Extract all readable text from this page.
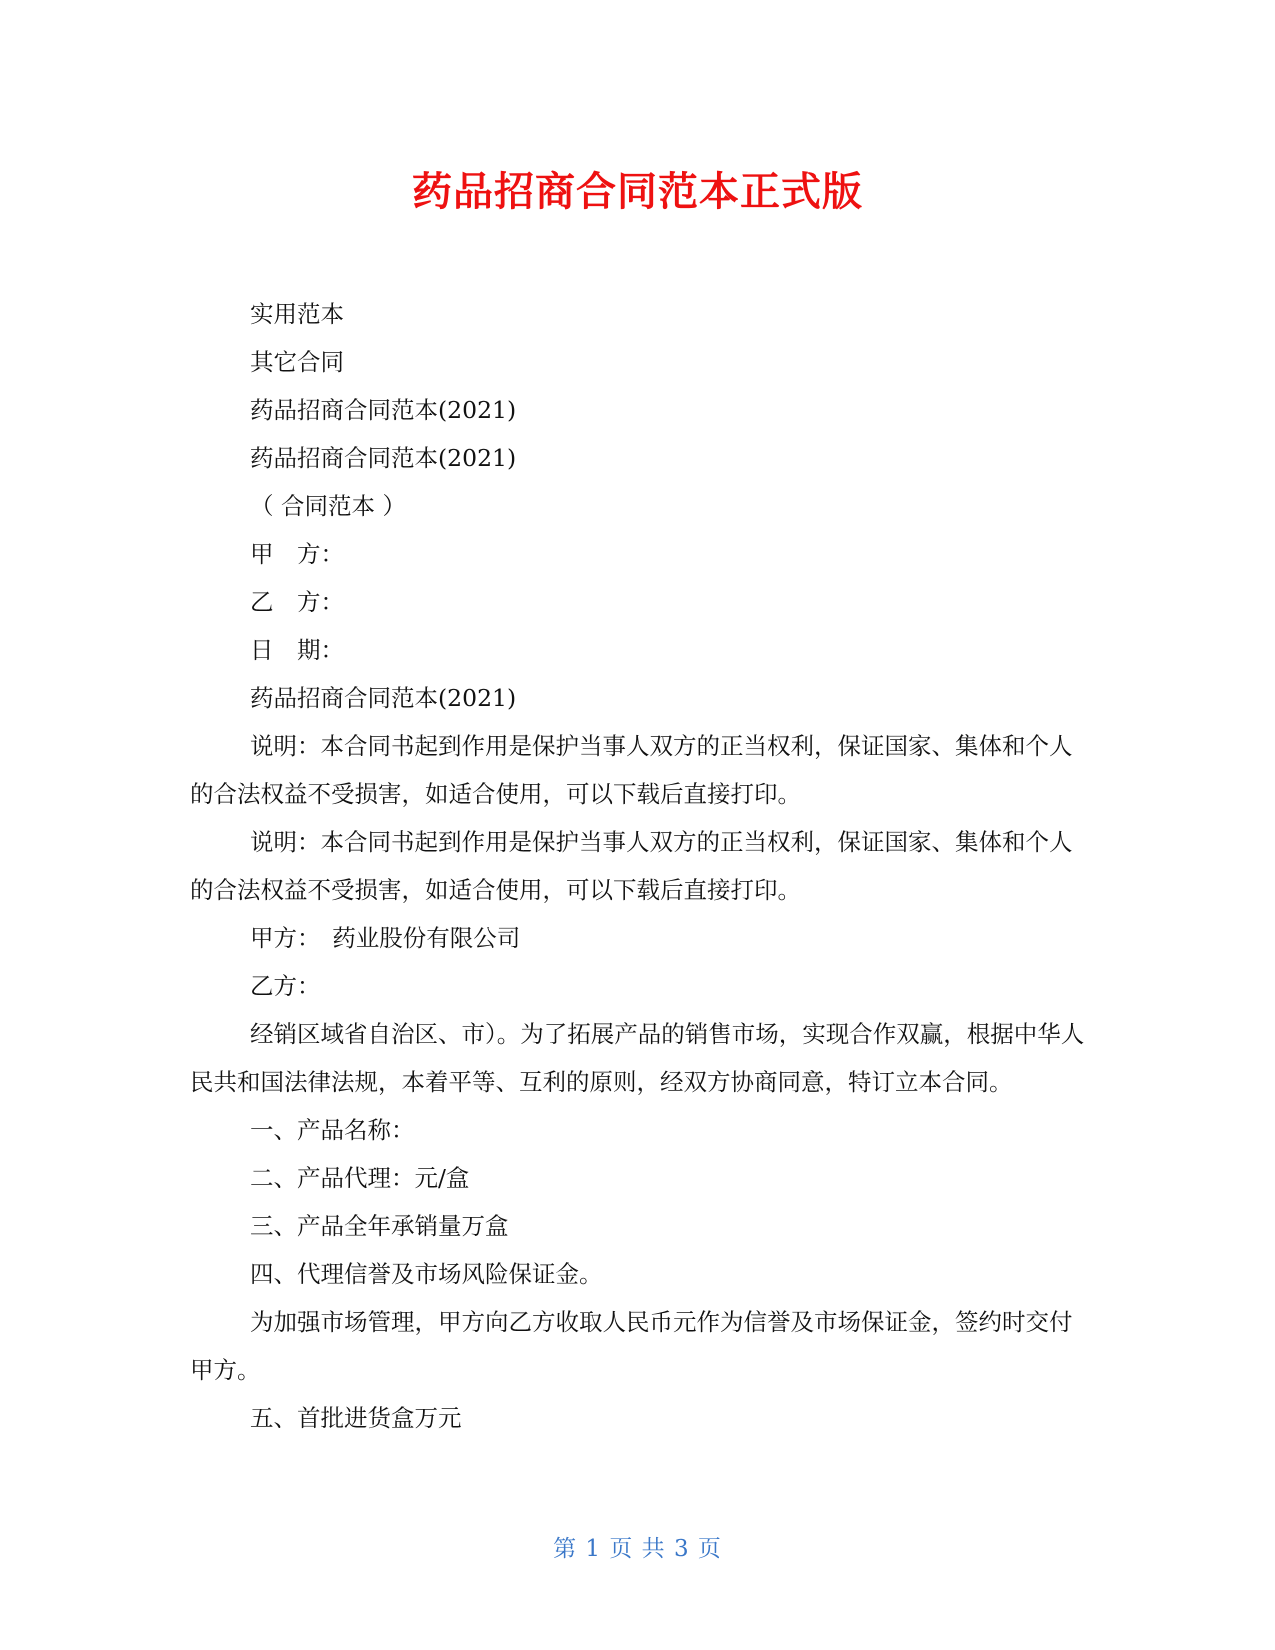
药品招商合同范本正式版

实用范本

其它合同

药品招商合同范本(2021)

药品招商合同范本(2021)

（ 合同范本 ）

甲　方：

乙　方：

日　期：

药品招商合同范本(2021)

说明：本合同书起到作用是保护当事人双方的正当权利，保证国家、集体和个人的合法权益不受损害，如适合使用，可以下载后直接打印。

说明：本合同书起到作用是保护当事人双方的正当权利，保证国家、集体和个人的合法权益不受损害，如适合使用，可以下载后直接打印。

甲方：　药业股份有限公司

乙方：

经销区域省自治区、市）。为了拓展产品的销售市场，实现合作双赢，根据中华人民共和国法律法规，本着平等、互利的原则，经双方协商同意，特订立本合同。

一、产品名称：

二、产品代理：元/盒

三、产品全年承销量万盒

四、代理信誉及市场风险保证金。

为加强市场管理，甲方向乙方收取人民币元作为信誉及市场保证金，签约时交付甲方。

五、首批进货盒万元

第 1 页 共 3 页
